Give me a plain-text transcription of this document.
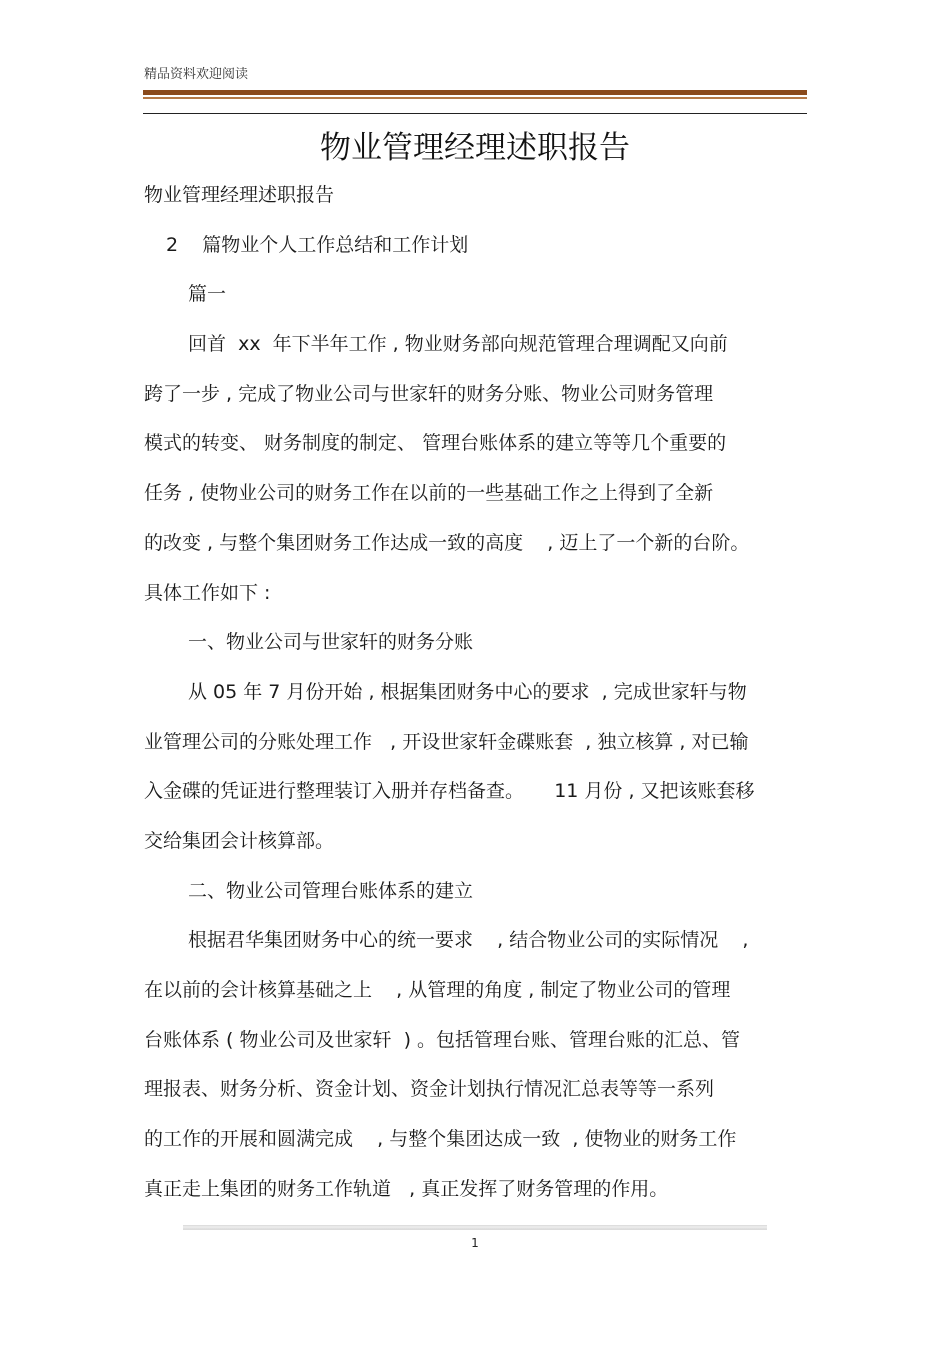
精品资料欢迎阅读
物业管理经理述职报告
物业管理经理述职报告
2    篇物业个人工作总结和工作计划
篇一
回首  xx  年下半年工作 , 物业财务部向规范管理合理调配又向前
跨了一步 , 完成了物业公司与世家轩的财务分账、物业公司财务管理
模式的转变、 财务制度的制定、 管理台账体系的建立等等几个重要的
任务 , 使物业公司的财务工作在以前的一些基础工作之上得到了全新
的改变 , 与整个集团财务工作达成一致的高度    , 迈上了一个新的台阶。
具体工作如下 :
一、物业公司与世家轩的财务分账
从 05 年 7 月份开始 , 根据集团财务中心的要求  , 完成世家轩与物
业管理公司的分账处理工作   , 开设世家轩金碟账套  , 独立核算 , 对已输
入金碟的凭证进行整理装订入册并存档备查。     11 月份 , 又把该账套移
交给集团会计核算部。
二、物业公司管理台账体系的建立
根据君华集团财务中心的统一要求    , 结合物业公司的实际情况    ,
在以前的会计核算基础之上    , 从管理的角度 , 制定了物业公司的管理
台账体系 ( 物业公司及世家轩  ) 。包括管理台账、管理台账的汇总、管
理报表、财务分析、资金计划、资金计划执行情况汇总表等等一系列
的工作的开展和圆满完成    , 与整个集团达成一致  , 使物业的财务工作
真正走上集团的财务工作轨道   , 真正发挥了财务管理的作用。
1
